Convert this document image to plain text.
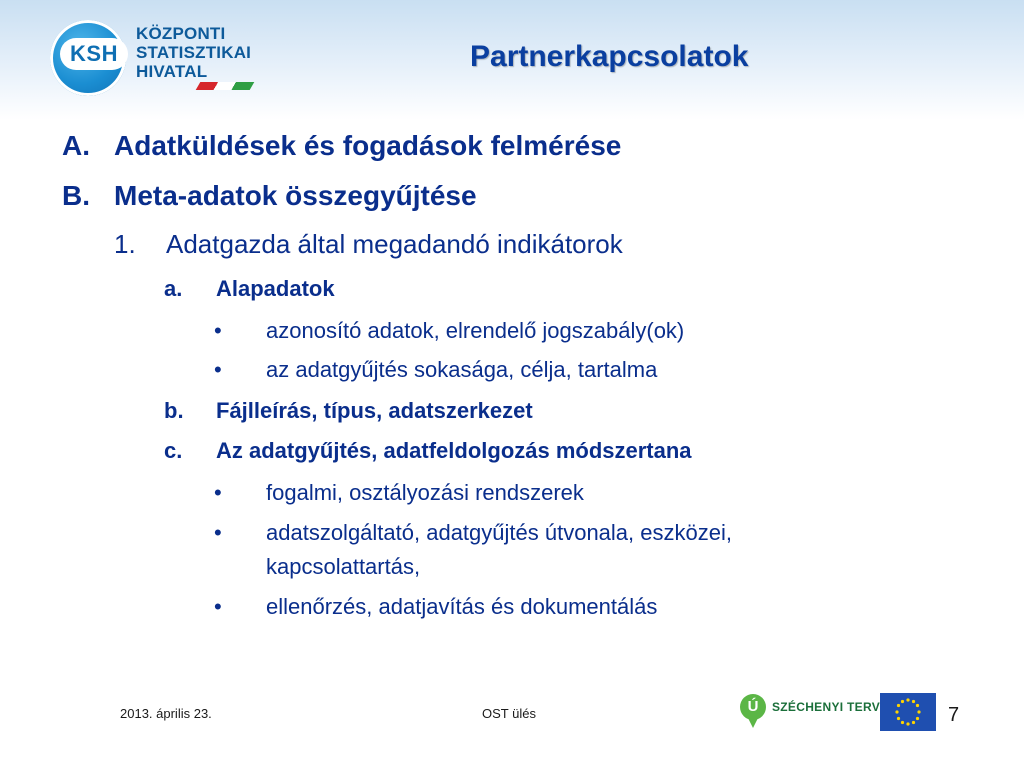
KSH
KÖZPONTI
STATISZTIKAI
HIVATAL	Partnerkapcsolatok
A. Adatküldések és fogadások felmérése
B. Meta-adatok összegyűjtése
1. Adatgazda által megadandó indikátorok
a. Alapadatok
• azonosító adatok, elrendelő jogszabály(ok)
• az adatgyűjtés sokasága, célja, tartalma
b. Fájlleírás, típus, adatszerkezet
c. Az adatgyűjtés, adatfeldolgozás módszertana
• fogalmi, osztályozási rendszerek
• adatszolgáltató, adatgyűjtés útvonala, eszközei,
kapcsolattartás,
• ellenőrzés, adatjavítás és dokumentálás
2013. április 23.	OST ülés	Ú	SZÉCHENYI TERV	7
